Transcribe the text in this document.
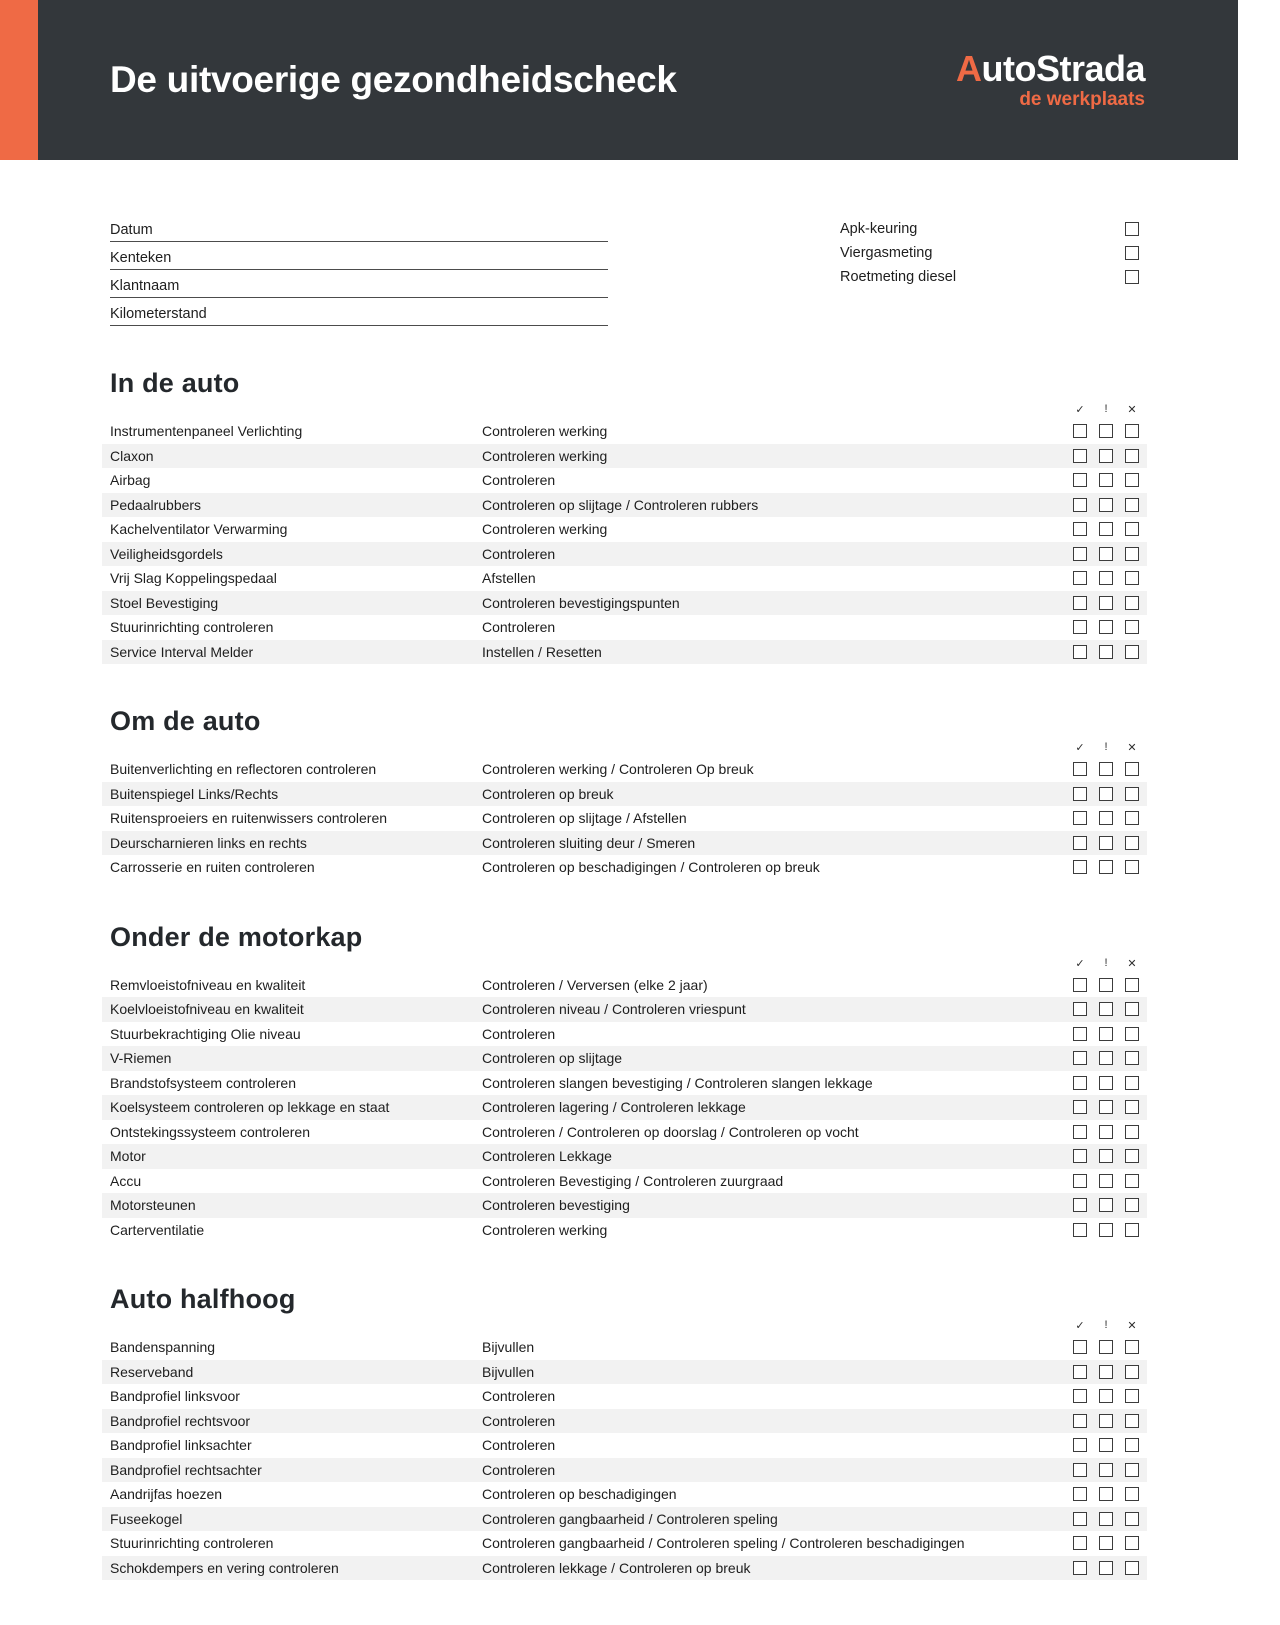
De uitvoerige gezondheidscheck	AutoStrada
de werkplaats
Datum
Kenteken
Klantnaam
Kilometerstand
Apk-keuring
Viergasmeting
Roetmeting diesel
In de auto
✓	!	✕
Instrumentenpaneel Verlichting	Controleren werking
Claxon	Controleren werking
Airbag	Controleren
Pedaalrubbers	Controleren op slijtage / Controleren rubbers
Kachelventilator Verwarming	Controleren werking
Veiligheidsgordels	Controleren
Vrij Slag Koppelingspedaal	Afstellen
Stoel Bevestiging	Controleren bevestigingspunten
Stuurinrichting controleren	Controleren
Service Interval Melder	Instellen / Resetten
Om de auto
✓	!	✕
Buitenverlichting en reflectoren controleren	Controleren werking / Controleren Op breuk
Buitenspiegel Links/Rechts	Controleren op breuk
Ruitensproeiers en ruitenwissers controleren	Controleren op slijtage / Afstellen
Deurscharnieren links en rechts	Controleren sluiting deur / Smeren
Carrosserie en ruiten controleren	Controleren op beschadigingen / Controleren op breuk
Onder de motorkap
✓	!	✕
Remvloeistofniveau en kwaliteit	Controleren / Verversen (elke 2 jaar)
Koelvloeistofniveau en kwaliteit	Controleren niveau / Controleren vriespunt
Stuurbekrachtiging Olie niveau	Controleren
V-Riemen	Controleren op slijtage
Brandstofsysteem controleren	Controleren slangen bevestiging / Controleren slangen lekkage
Koelsysteem controleren op lekkage en staat	Controleren lagering / Controleren lekkage
Ontstekingssysteem controleren	Controleren / Controleren op doorslag / Controleren op vocht
Motor	Controleren Lekkage
Accu	Controleren Bevestiging / Controleren zuurgraad
Motorsteunen	Controleren bevestiging
Carterventilatie	Controleren werking
Auto halfhoog
✓	!	✕
Bandenspanning	Bijvullen
Reserveband	Bijvullen
Bandprofiel linksvoor	Controleren
Bandprofiel rechtsvoor	Controleren
Bandprofiel linksachter	Controleren
Bandprofiel rechtsachter	Controleren
Aandrijfas hoezen	Controleren op beschadigingen
Fuseekogel	Controleren gangbaarheid / Controleren speling
Stuurinrichting controleren	Controleren gangbaarheid / Controleren speling / Controleren beschadigingen
Schokdempers en vering controleren	Controleren lekkage / Controleren op breuk
